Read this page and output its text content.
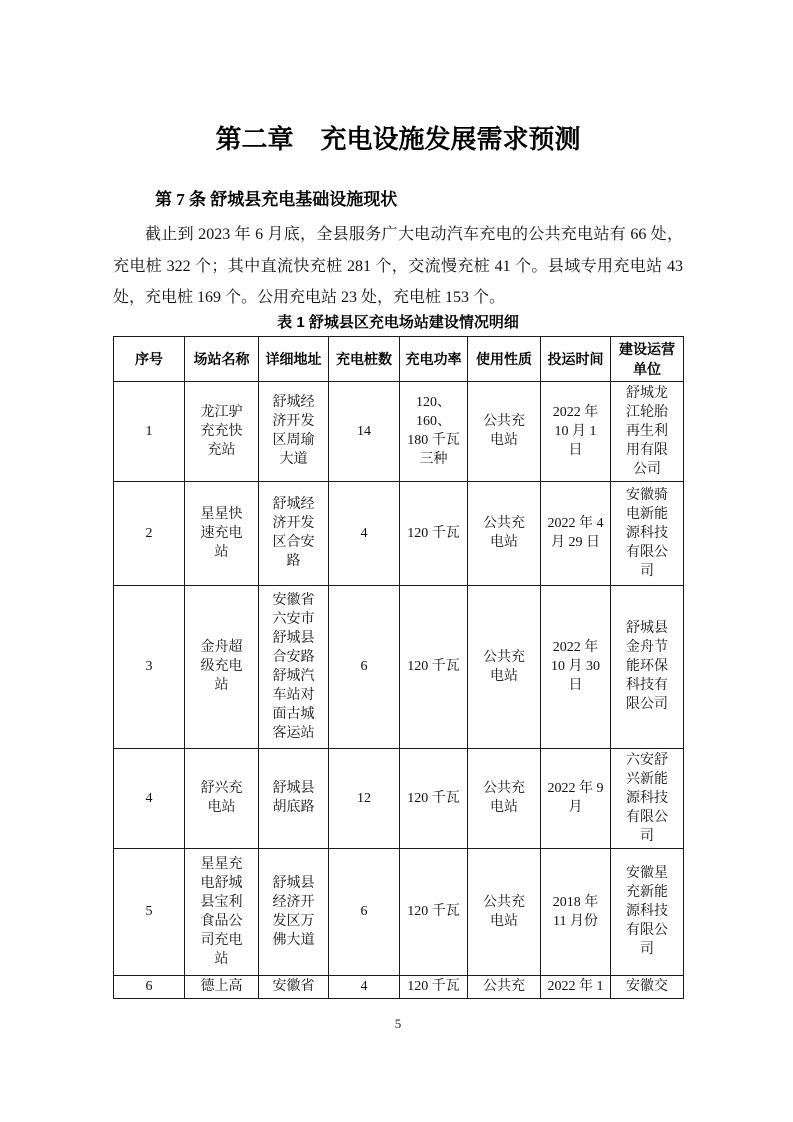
第二章 充电设施发展需求预测
第 7 条 舒城县充电基础设施现状

截止到 2023 年 6 月底，全县服务广大电动汽车充电的公共充电站有 66 处，充电桩 322 个；其中直流快充桩 281 个，交流慢充桩 41 个。县域专用充电站 43 处，充电桩 169 个。公用充电站 23 处，充电桩 153 个。

表 1 舒城县区充电场站建设情况明细
序号	场站名称	详细地址	充电桩数	充电功率	使用性质	投运时间	建设运营单位
1	龙江驴充充快充站	舒城经济开发区周瑜大道	14	120、160、180 千瓦三种	公共充电站	2022 年 10 月 1 日	舒城龙江轮胎再生利用有限公司
2	星星快速充电站	舒城经济开发区合安路	4	120 千瓦	公共充电站	2022 年 4 月 29 日	安徽骑电新能源科技有限公司
3	金舟超级充电站	安徽省六安市舒城县合安路舒城汽车站对面古城客运站	6	120 千瓦	公共充电站	2022 年 10 月 30 日	舒城县金舟节能环保科技有限公司
4	舒兴充电站	舒城县胡底路	12	120 千瓦	公共充电站	2022 年 9 月	六安舒兴新能源科技有限公司
5	星星充电舒城县宝利食品公司充电站	舒城县经济开发区万佛大道	6	120 千瓦	公共充电站	2018 年 11 月份	安徽星充新能源科技有限公司
6	德上高	安徽省	4	120 千瓦	公共充	2022 年 1	安徽交
5
